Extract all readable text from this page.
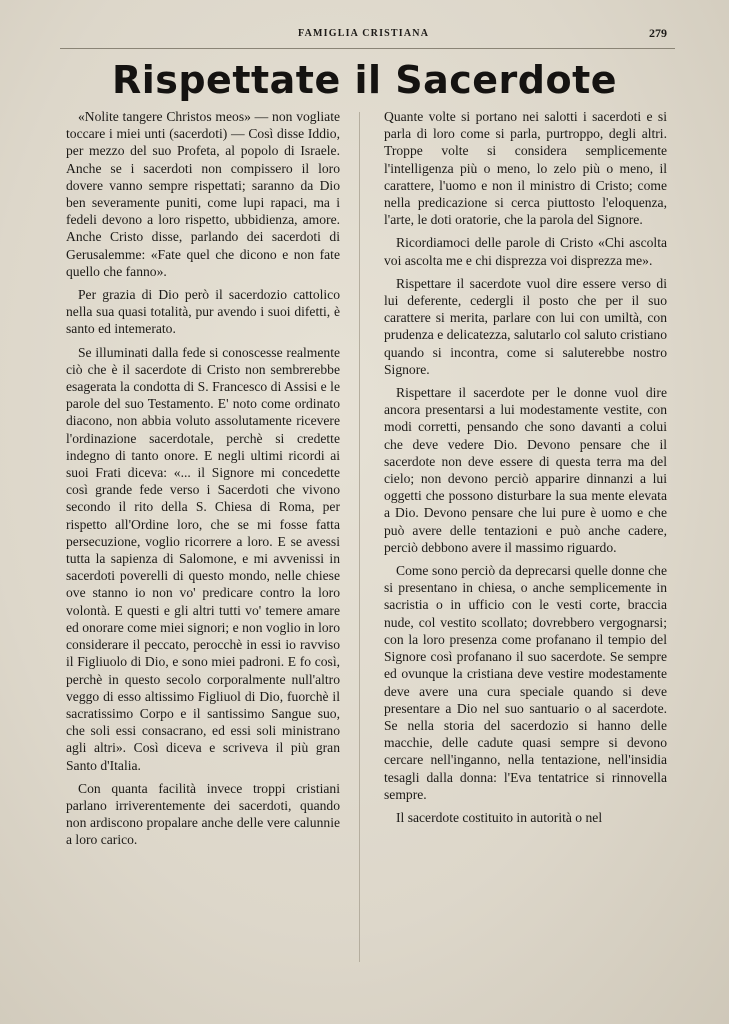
FAMIGLIA CRISTIANA	279
Rispettate il Sacerdote

«Nolite tangere Christos meos» — non vogliate toccare i miei unti (sacerdoti) — Così disse Iddio, per mezzo del suo Profeta, al popolo di Israele. Anche se i sacerdoti non compissero il loro dovere vanno sempre rispettati; saranno da Dio ben severamente puniti, come lupi rapaci, ma i fedeli devono a loro rispetto, ubbidienza, amore. Anche Cristo disse, parlando dei sacerdoti di Gerusalemme: «Fate quel che dicono e non fate quello che fanno».

Per grazia di Dio però il sacerdozio cattolico nella sua quasi totalità, pur avendo i suoi difetti, è santo ed intemerato.

Se illuminati dalla fede si conoscesse realmente ciò che è il sacerdote di Cristo non sembrerebbe esagerata la condotta di S. Francesco di Assisi e le parole del suo Testamento. E' noto come ordinato diacono, non abbia voluto assolutamente ricevere l'ordinazione sacerdotale, perchè si credette indegno di tanto onore. E negli ultimi ricordi ai suoi Frati diceva: «... il Signore mi concedette così grande fede verso i Sacerdoti che vivono secondo il rito della S. Chiesa di Roma, per rispetto all'Ordine loro, che se mi fosse fatta persecuzione, voglio ricorrere a loro. E se avessi tutta la sapienza di Salomone, e mi avvenissi in sacerdoti poverelli di questo mondo, nelle chiese ove stanno io non vo' predicare contro la loro volontà. E questi e gli altri tutti vo' temere amare ed onorare come miei signori; e non voglio in loro considerare il peccato, perocchè in essi io ravviso il Figliuolo di Dio, e sono miei padroni. E fo così, perchè in questo secolo corporalmente null'altro veggo di esso altissimo Figliuol di Dio, fuorchè il sacratissimo Corpo e il santissimo Sangue suo, che soli essi consacrano, ed essi soli ministrano agli altri». Così diceva e scriveva il più gran Santo d'Italia.

Con quanta facilità invece troppi cristiani parlano irriverentemente dei sacerdoti, quando non ardiscono propalare anche delle vere calunnie a loro carico.

Quante volte si portano nei salotti i sacerdoti e si parla di loro come si parla, purtroppo, degli altri. Troppe volte si considera semplicemente l'intelligenza più o meno, lo zelo più o meno, il carattere, l'uomo e non il ministro di Cristo; come nella predicazione si cerca piuttosto l'eloquenza, l'arte, le doti oratorie, che la parola del Signore.

Ricordiamoci delle parole di Cristo «Chi ascolta voi ascolta me e chi disprezza voi disprezza me».

Rispettare il sacerdote vuol dire essere verso di lui deferente, cedergli il posto che per il suo carattere si merita, parlare con lui con umiltà, con prudenza e delicatezza, salutarlo col saluto cristiano quando si incontra, come si saluterebbe nostro Signore.

Rispettare il sacerdote per le donne vuol dire ancora presentarsi a lui modestamente vestite, con modi corretti, pensando che sono davanti a colui che deve vedere Dio. Devono pensare che il sacerdote non deve essere di questa terra ma del cielo; non devono perciò apparire dinnanzi a lui oggetti che possono disturbare la sua mente elevata a Dio. Devono pensare che lui pure è uomo e che può avere delle tentazioni e può anche cadere, perciò debbono avere il massimo riguardo.

Come sono perciò da deprecarsi quelle donne che si presentano in chiesa, o anche semplicemente in sacristia o in ufficio con le vesti corte, braccia nude, col vestito scollato; dovrebbero vergognarsi; con la loro presenza come profanano il tempio del Signore così profanano il suo sacerdote. Se sempre ed ovunque la cristiana deve vestire modestamente deve avere una cura speciale quando si deve presentare a Dio nel suo santuario o al sacerdote. Se nella storia del sacerdozio si hanno delle macchie, delle cadute quasi sempre si devono cercare nell'inganno, nella tentazione, nell'insidia tesagli dalla donna: l'Eva tentatrice si rinnovella sempre.

Il sacerdote costituito in autorità o nel
